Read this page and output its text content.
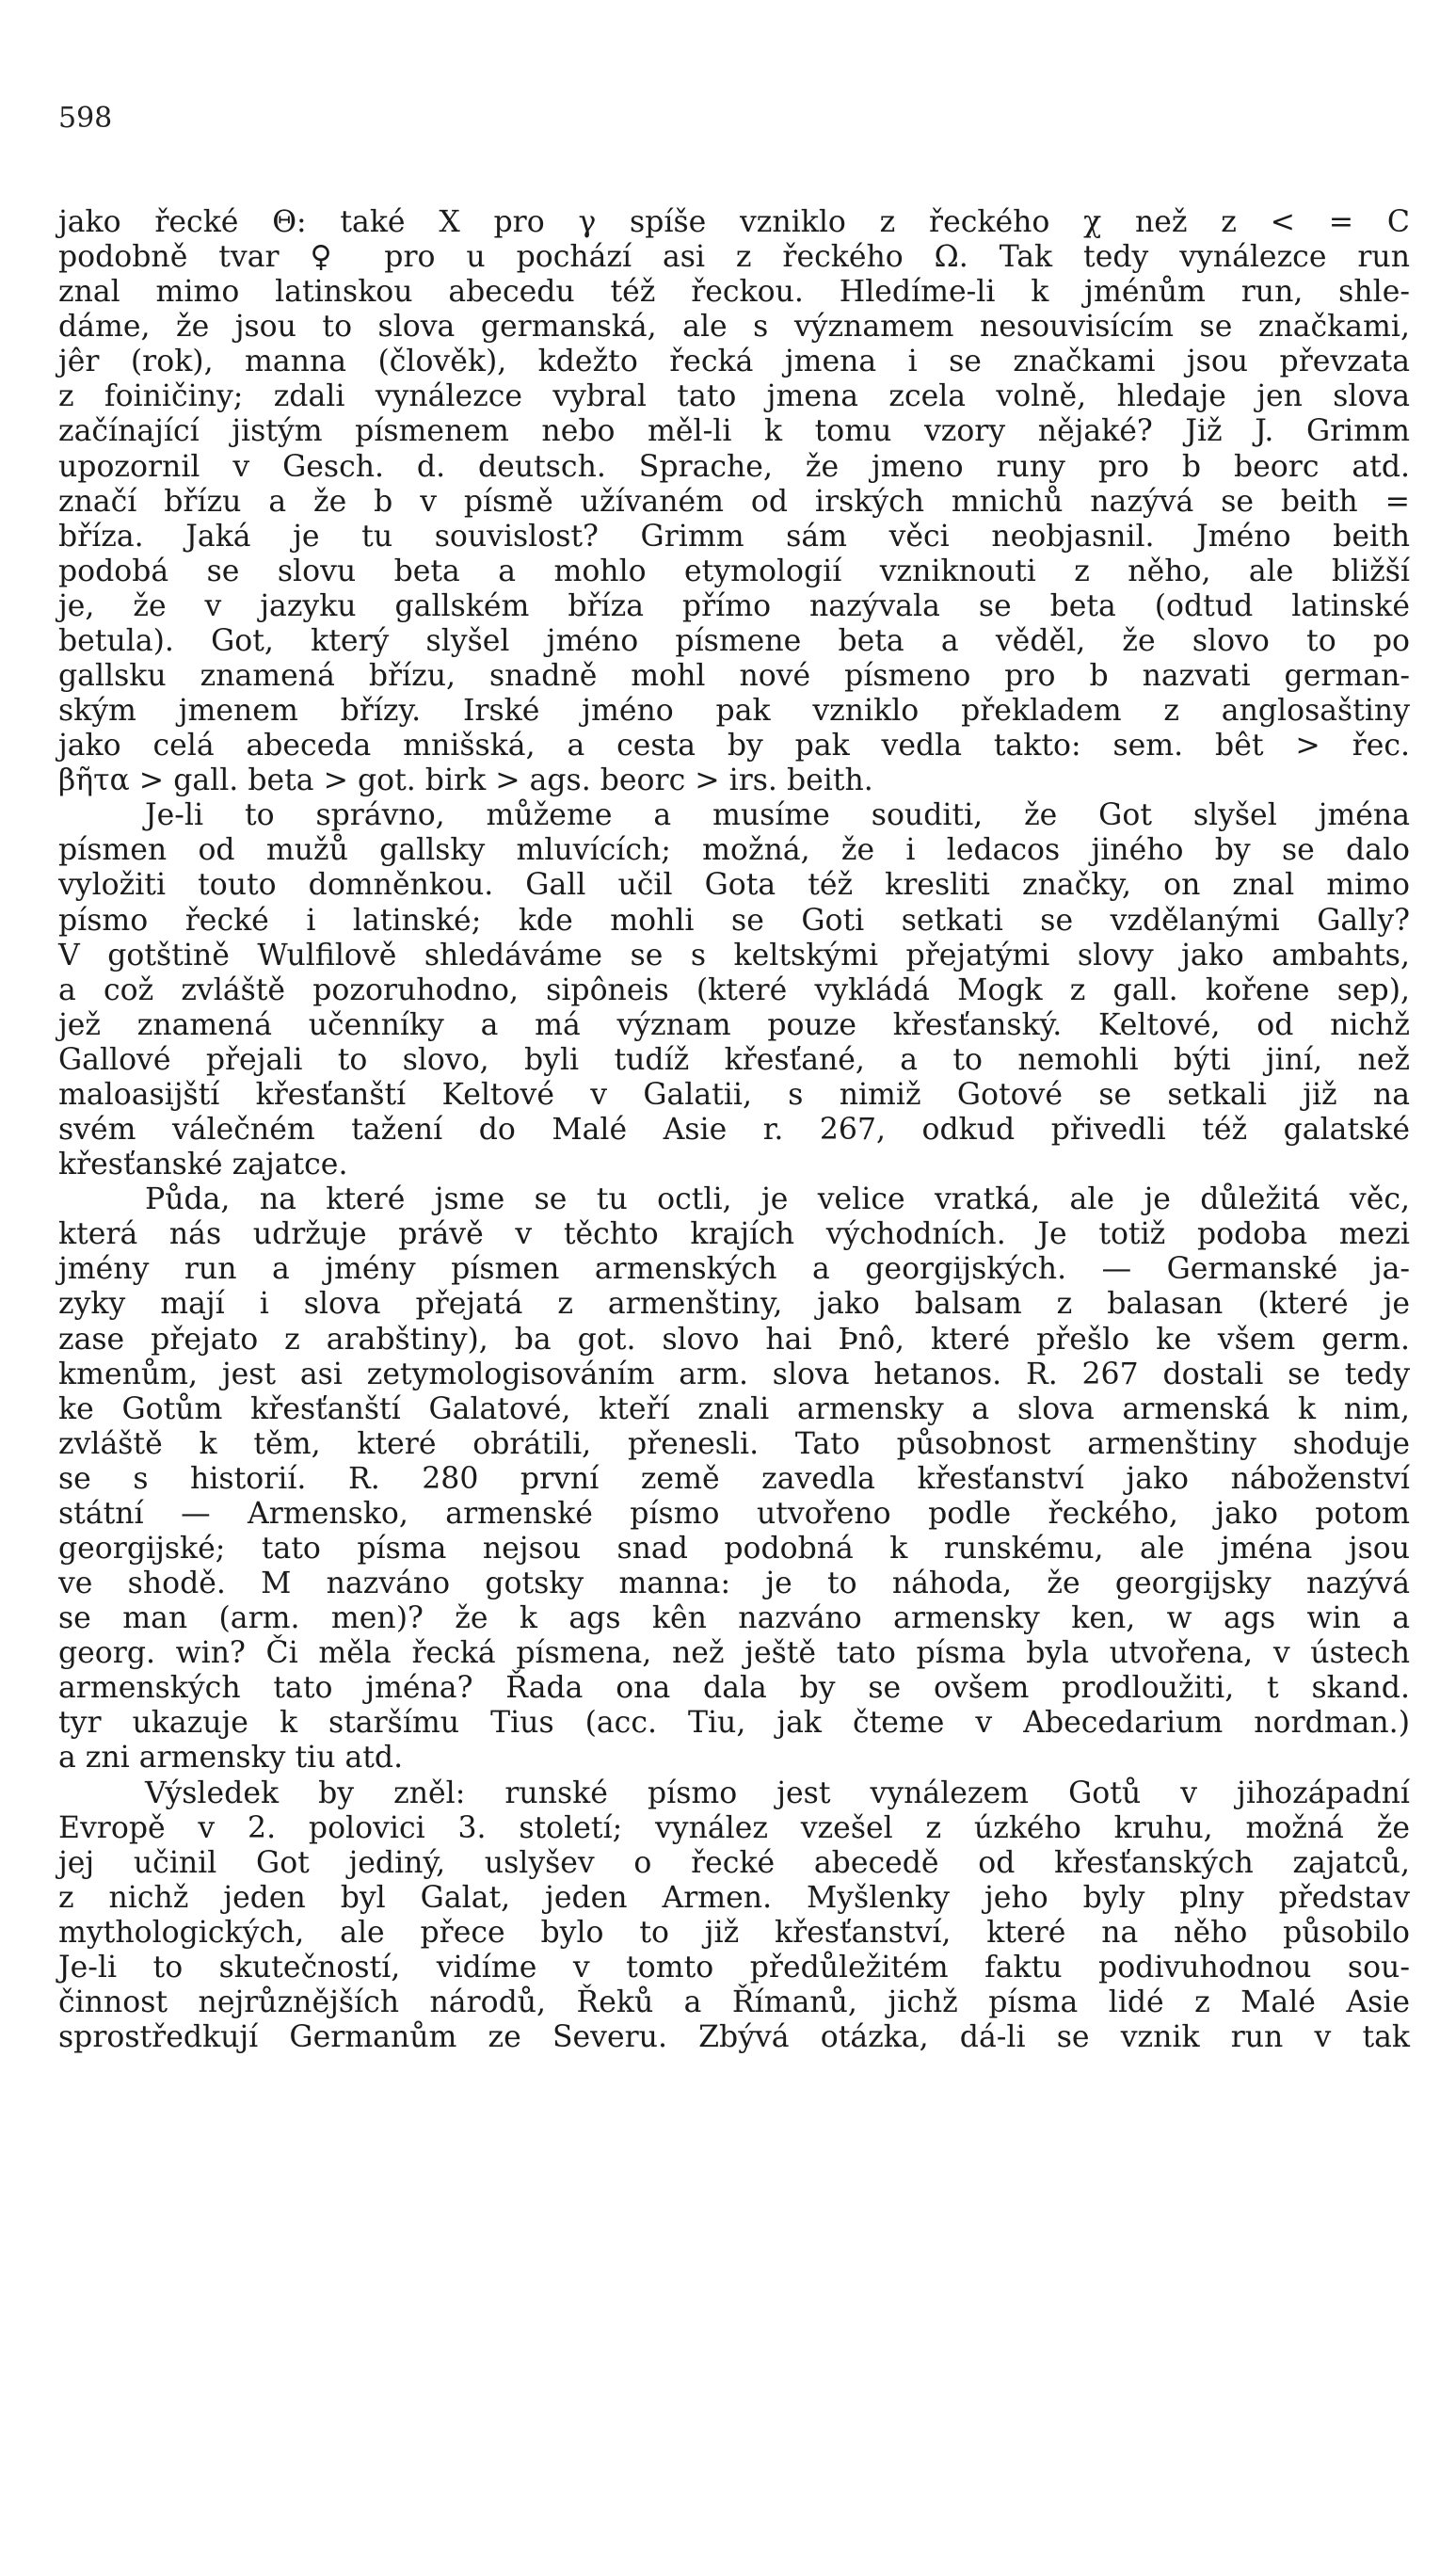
598
jako řecké Θ: také X pro γ spíše vzniklo z řeckého χ než z < = C
podobně tvar ♀ pro u pochází asi z řeckého Ω. Tak tedy vynálezce run
znal mimo latinskou abecedu též řeckou. Hledíme-li k jménům run, shle-
dáme, že jsou to slova germanská, ale s významem nesouvisícím se značkami,
jêr (rok), manna (člověk), kdežto řecká jmena i se značkami jsou převzata
z foiničiny; zdali vynálezce vybral tato jmena zcela volně, hledaje jen slova
začínající jistým písmenem nebo měl-li k tomu vzory nějaké? Již J. Grimm
upozornil v Gesch. d. deutsch. Sprache, že jmeno runy pro b beorc atd.
značí břízu a že b v písmě užívaném od irských mnichů nazývá se beith =
bříza. Jaká je tu souvislost? Grimm sám věci neobjasnil. Jméno beith
podobá se slovu beta a mohlo etymologií vzniknouti z něho, ale bližší
je, že v jazyku gallském bříza přímo nazývala se beta (odtud latinské
betula). Got, který slyšel jméno písmene beta a věděl, že slovo to po
gallsku znamená břízu, snadně mohl nové písmeno pro b nazvati german-
ským jmenem břízy. Irské jméno pak vzniklo překladem z anglosaštiny
jako celá abeceda mnišská, a cesta by pak vedla takto: sem. bêt > řec.
βῆτα > gall. beta > got. birk > ags. beorc > irs. beith.
Je-li to správno, můžeme a musíme souditi, že Got slyšel jména
písmen od mužů gallsky mluvících; možná, že i ledacos jiného by se dalo
vyložiti touto domněnkou. Gall učil Gota též kresliti značky, on znal mimo
písmo řecké i latinské; kde mohli se Goti setkati se vzdělanými Gally?
V gotštině Wulfilově shledáváme se s keltskými přejatými slovy jako ambahts,
a což zvláště pozoruhodno, sipôneis (které vykládá Mogk z gall. kořene sep),
jež znamená učenníky a má význam pouze křesťanský. Keltové, od nichž
Gallové přejali to slovo, byli tudíž křesťané, a to nemohli býti jiní, než
maloasijští křesťanští Keltové v Galatii, s nimiž Gotové se setkali již na
svém válečném tažení do Malé Asie r. 267, odkud přivedli též galatské
křesťanské zajatce.
Půda, na které jsme se tu octli, je velice vratká, ale je důležitá věc,
která nás udržuje právě v těchto krajích východních. Je totiž podoba mezi
jmény run a jmény písmen armenských a georgijských. — Germanské ja-
zyky mají i slova přejatá z armenštiny, jako balsam z balasan (které je
zase přejato z arabštiny), ba got. slovo hai Þnô, které přešlo ke všem germ.
kmenům, jest asi zetymologisováním arm. slova hetanos. R. 267 dostali se tedy
ke Gotům křesťanští Galatové, kteří znali armensky a slova armenská k nim,
zvláště k těm, které obrátili, přenesli. Tato působnost armenštiny shoduje
se s historií. R. 280 první země zavedla křesťanství jako náboženství
státní — Armensko, armenské písmo utvořeno podle řeckého, jako potom
georgijské; tato písma nejsou snad podobná k runskému, ale jména jsou
ve shodě. M nazváno gotsky manna: je to náhoda, že georgijsky nazývá
se man (arm. men)? že k ags kên nazváno armensky ken, w ags win a
georg. win? Či měla řecká písmena, než ještě tato písma byla utvořena, v ústech
armenských tato jména? Řada ona dala by se ovšem prodloužiti, t skand.
tyr ukazuje k staršímu Tius (acc. Tiu, jak čteme v Abecedarium nordman.)
a zni armensky tiu atd.
Výsledek by zněl: runské písmo jest vynálezem Gotů v jihozápadní
Evropě v 2. polovici 3. století; vynález vzešel z úzkého kruhu, možná že
jej učinil Got jediný, uslyšev o řecké abecedě od křesťanských zajatců,
z nichž jeden byl Galat, jeden Armen. Myšlenky jeho byly plny představ
mythologických, ale přece bylo to již křesťanství, které na něho působilo
Je-li to skutečností, vidíme v tomto předůležitém faktu podivuhodnou sou-
činnost nejrůznějších národů, Řeků a Římanů, jichž písma lidé z Malé Asie
sprostředkují Germanům ze Severu. Zbývá otázka, dá-li se vznik run v tak
